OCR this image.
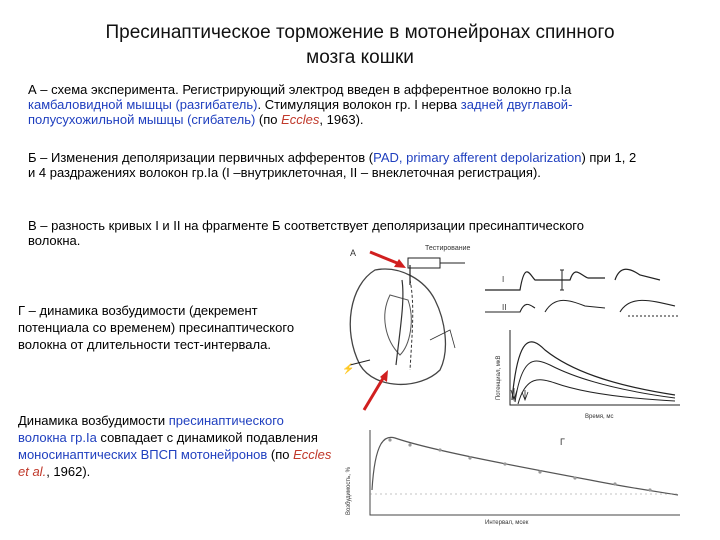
Пресинаптическое торможение в мотонейронах спинного
мозга кошки
А – схема эксперимента. Регистрирующий электрод введен в афферентное волокно гр.Iа камбаловидной мышцы (разгибатель). Стимуляция волокон гр. I нерва задней двуглавой-полусухожильной мышцы (сгибатель) (по Eccles, 1963).
Б – Изменения деполяризации первичных афферентов (PAD, primary afferent depolarization) при 1, 2 и 4 раздражениях волокон гр.Iа (I –внутриклеточная, II – внеклеточная регистрация).
В – разность кривых I и II на фрагменте Б соответствует деполяризации пресинаптического волокна.
Г – динамика возбудимости (декремент потенциала со временем) пресинаптического волокна от длительности тест-интервала.
Динамика возбудимости пресинаптического волокна гр.Iа совпадает с динамикой подавления моносинаптических ВПСП мотонейронов (по Eccles et al., 1962).
А	Тестирование
⚡
I
II
Потенциал, мкВ
Время, мс
Г
Возбудимость, %
Интервал, мсек
